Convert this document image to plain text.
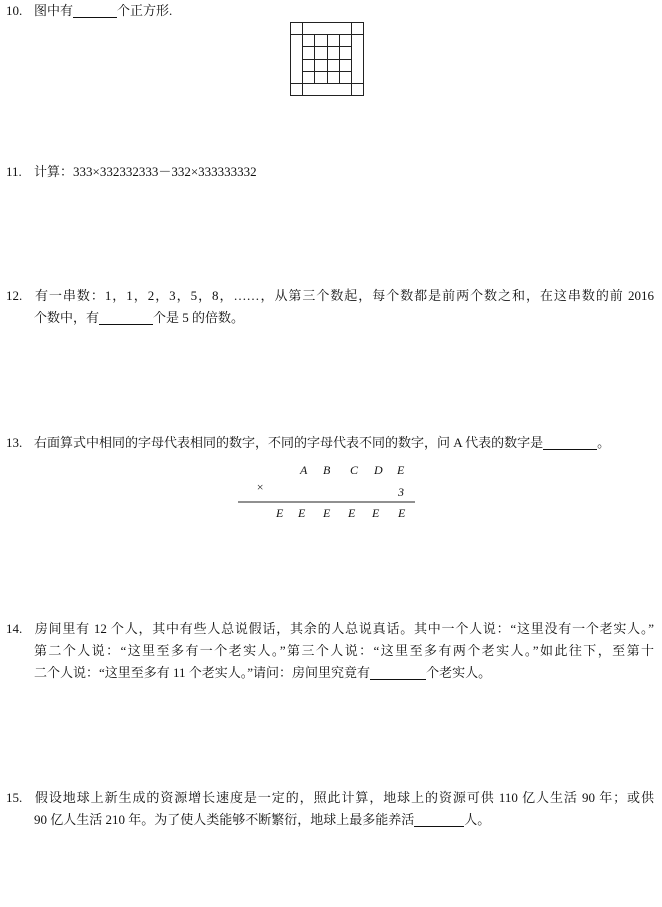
10. 图中有	个正方形.
11. 计算：333×332332333－332×333333332
12. 有一串数：1，1，2，3，5，8，……，从第三个数起，每个数都是前两个数之和，在这串数的前 2016
个数中，有	个是 5 的倍数。
13. 右面算式中相同的字母代表相同的数字，不同的字母代表不同的数字，问 A 代表的数字是	。
A B C D E
×	3
E E E E E E
14. 房间里有 12 个人，其中有些人总说假话，其余的人总说真话。其中一个人说：“这里没有一个老实人。”
第二个人说：“这里至多有一个老实人。”第三个人说：“这里至多有两个老实人。”如此往下，至第十
二个人说：“这里至多有 11 个老实人。”请问：房间里究竟有	个老实人。
15. 假设地球上新生成的资源增长速度是一定的，照此计算，地球上的资源可供 110 亿人生活 90 年；或供
90 亿人生活 210 年。为了使人类能够不断繁衍，地球上最多能养活	人。
